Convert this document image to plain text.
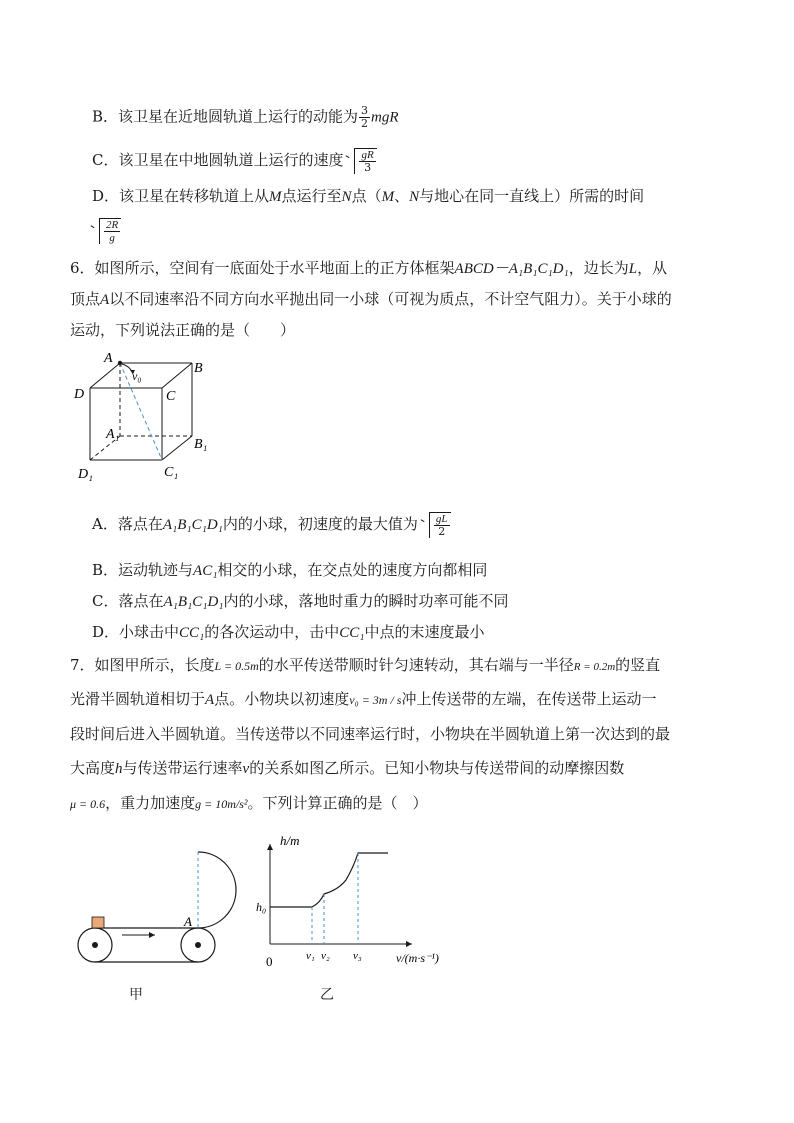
B．该卫星在近地圆轨道上运行的动能为 $\frac{3}{2}$ mgR
C．该卫星在中地圆轨道上运行的速度 $\frac{gR}{3}$
D．该卫星在转移轨道上从M点运行至N点（M、N与地心在同一直线上）所需的时间
$\frac{2R}{g}$
6．如图所示，空间有一底面处于水平地面上的正方体框架ABCD－A₁B₁C₁D₁，边长为L，从
顶点A以不同速率沿不同方向水平抛出同一小球（可视为质点，不计空气阻力）。关于小球的
运动，下列说法正确的是（　　）
A
B
C
D
A₁
B₁
C₁
D₁
v₀
A．落点在A₁B₁C₁D₁内的小球，初速度的最大值为 $\frac{gL}{2}$
B．运动轨迹与AC₁相交的小球，在交点处的速度方向都相同
C．落点在A₁B₁C₁D₁内的小球，落地时重力的瞬时功率可能不同
D．小球击中CC₁的各次运动中，击中CC₁中点的末速度最小
7．如图甲所示，长度L = 0.5m的水平传送带顺时针匀速转动，其右端与一半径R = 0.2m的竖直
光滑半圆轨道相切于A点。小物块以初速度v₀ = 3m / s冲上传送带的左端，在传送带上运动一
段时间后进入半圆轨道。当传送带以不同速率运行时，小物块在半圆轨道上第一次达到的最
大高度h与传送带运行速率v的关系如图乙所示。已知小物块与传送带间的动摩擦因数
μ = 0.6，重力加速度g = 10m/s²。下列计算正确的是（　）
A
甲
h/m
v/(m·s⁻¹)
0
h₀
v₁ v₂ v₃
乙
